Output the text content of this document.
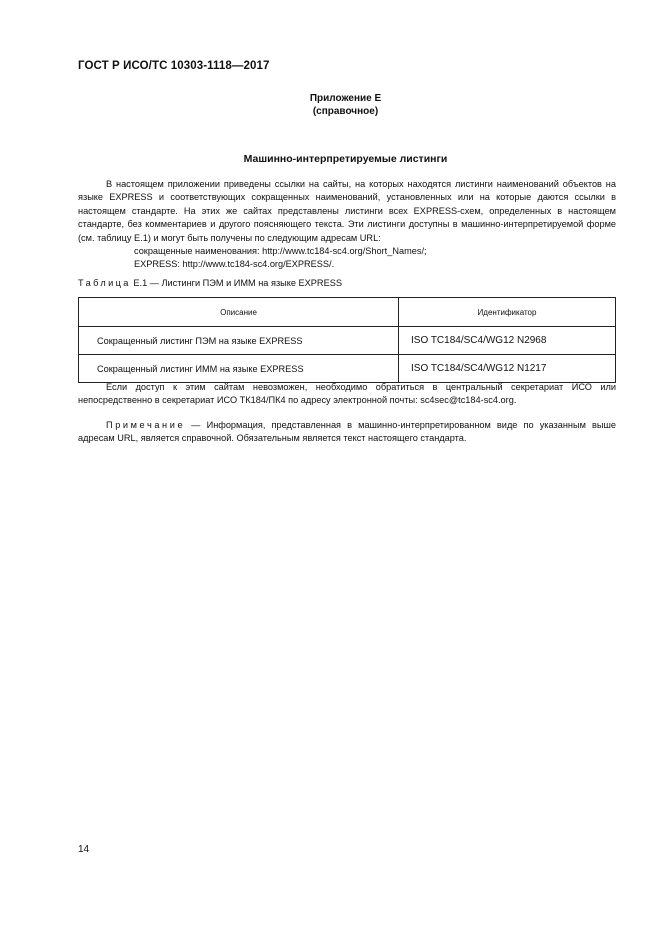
ГОСТ Р ИСО/ТС 10303-1118—2017
Приложение Е
(справочное)
Машинно-интерпретируемые листинги

В настоящем приложении приведены ссылки на сайты, на которых находятся листинги наименований объектов на языке EXPRESS и соответствующих сокращенных наименований, установленных или на которые даются ссылки в настоящем стандарте. На этих же сайтах представлены листинги всех EXPRESS-схем, определенных в настоящем стандарте, без комментариев и другого поясняющего текста. Эти листинги доступны в машинно-интерпретируемой форме (см. таблицу Е.1) и могут быть получены по следующим адресам URL:

сокращенные наименования: http://www.tc184-sc4.org/Short_Names/;

EXPRESS: http://www.tc184-sc4.org/EXPRESS/.

Таблица Е.1 — Листинги ПЭМ и ИММ на языке EXPRESS
Описание	Идентификатор
Сокращенный листинг ПЭМ на языке EXPRESS	ISO TC184/SC4/WG12 N2968
Сокращенный листинг ИММ на языке EXPRESS	ISO TC184/SC4/WG12 N1217

Если доступ к этим сайтам невозможен, необходимо обратиться в центральный секретариат ИСО или непосредственно в секретариат ИСО ТК184/ПК4 по адресу электронной почты: sc4sec@tc184-sc4.org.

Примечание — Информация, представленная в машинно-интерпретированном виде по указанным выше адресам URL, является справочной. Обязательным является текст настоящего стандарта.

14
